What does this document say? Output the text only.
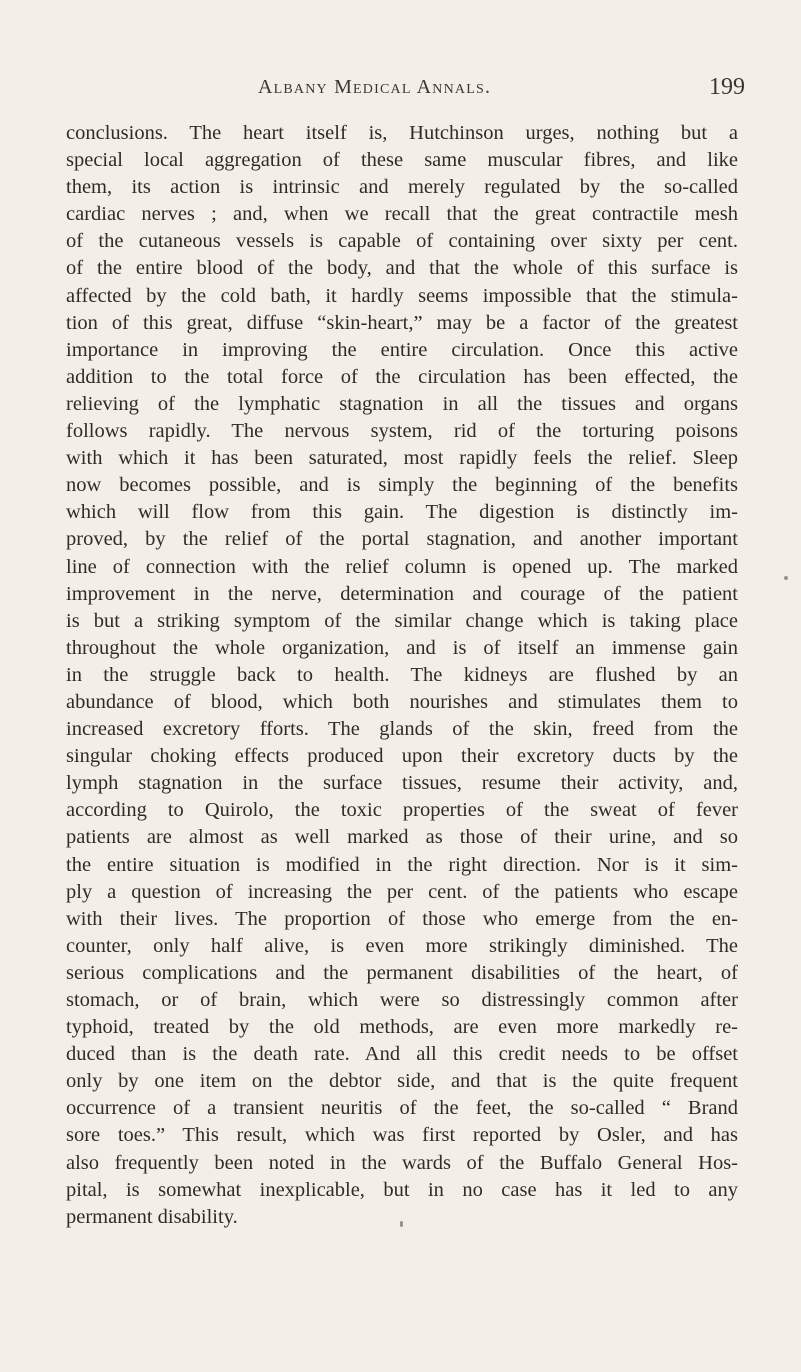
Albany Medical Annals.	199
conclusions. The heart itself is, Hutchinson urges, nothing but a
special local aggregation of these same muscular fibres, and like
them, its action is intrinsic and merely regulated by the so-called
cardiac nerves ; and, when we recall that the great contractile mesh
of the cutaneous vessels is capable of containing over sixty per cent.
of the entire blood of the body, and that the whole of this surface is
affected by the cold bath, it hardly seems impossible that the stimula-
tion of this great, diffuse “skin-heart,” may be a factor of the greatest
importance in improving the entire circulation. Once this active
addition to the total force of the circulation has been effected, the
relieving of the lymphatic stagnation in all the tissues and organs
follows rapidly. The nervous system, rid of the torturing poisons
with which it has been saturated, most rapidly feels the relief. Sleep
now becomes possible, and is simply the beginning of the benefits
which will flow from this gain. The digestion is distinctly im-
proved, by the relief of the portal stagnation, and another important
line of connection with the relief column is opened up. The marked
improvement in the nerve, determination and courage of the patient
is but a striking symptom of the similar change which is taking place
throughout the whole organization, and is of itself an immense gain
in the struggle back to health. The kidneys are flushed by an
abundance of blood, which both nourishes and stimulates them to
increased excretory fforts. The glands of the skin, freed from the
singular choking effects produced upon their excretory ducts by the
lymph stagnation in the surface tissues, resume their activity, and,
according to Quirolo, the toxic properties of the sweat of fever
patients are almost as well marked as those of their urine, and so
the entire situation is modified in the right direction. Nor is it sim-
ply a question of increasing the per cent. of the patients who escape
with their lives. The proportion of those who emerge from the en-
counter, only half alive, is even more strikingly diminished. The
serious complications and the permanent disabilities of the heart, of
stomach, or of brain, which were so distressingly common after
typhoid, treated by the old methods, are even more markedly re-
duced than is the death rate. And all this credit needs to be offset
only by one item on the debtor side, and that is the quite frequent
occurrence of a transient neuritis of the feet, the so-called “ Brand
sore toes.” This result, which was first reported by Osler, and has
also frequently been noted in the wards of the Buffalo General Hos-
pital, is somewhat inexplicable, but in no case has it led to any
permanent disability.
